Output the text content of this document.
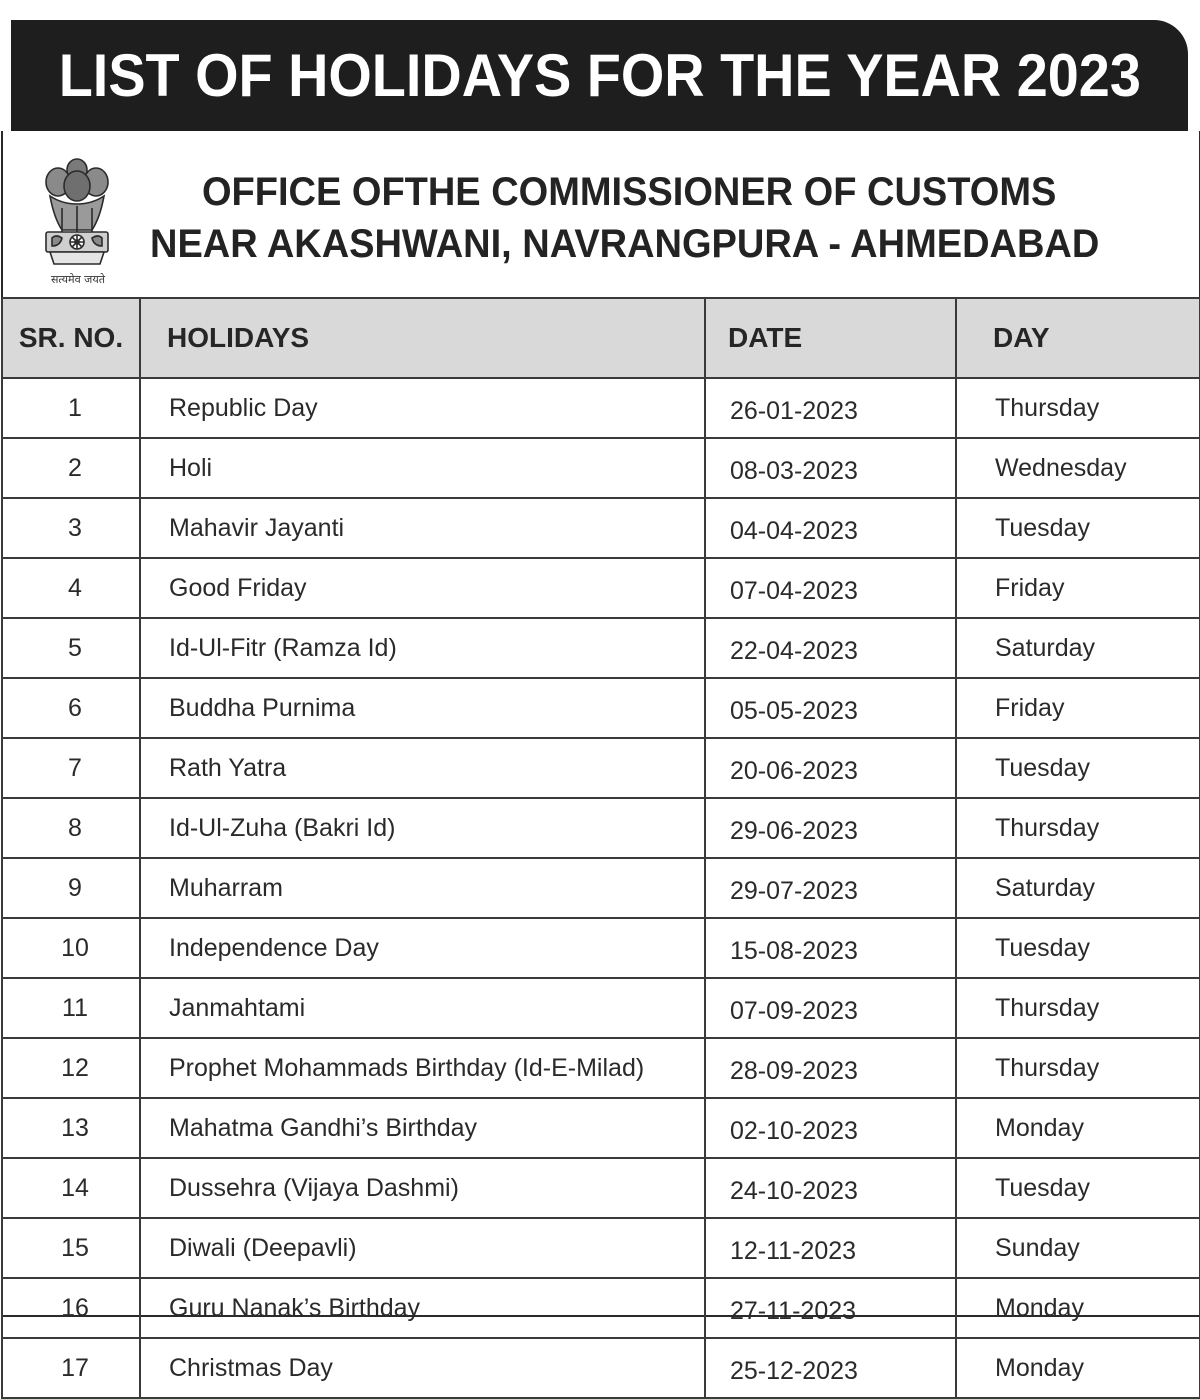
LIST OF HOLIDAYS FOR THE YEAR 2023
सत्यमेव जयते
OFFICE OFTHE COMMISSIONER OF CUSTOMS
NEAR AKASHWANI, NAVRANGPURA - AHMEDABAD
SR. NO.	HOLIDAYS	DATE	DAY
1	Republic Day	26-01-2023	Thursday
2	Holi	08-03-2023	Wednesday
3	Mahavir Jayanti	04-04-2023	Tuesday
4	Good Friday	07-04-2023	Friday
5	Id-Ul-Fitr (Ramza Id)	22-04-2023	Saturday
6	Buddha Purnima	05-05-2023	Friday
7	Rath Yatra	20-06-2023	Tuesday
8	Id-Ul-Zuha (Bakri Id)	29-06-2023	Thursday
9	Muharram	29-07-2023	Saturday
10	Independence Day	15-08-2023	Tuesday
11	Janmahtami	07-09-2023	Thursday
12	Prophet Mohammads Birthday (Id-E-Milad)	28-09-2023	Thursday
13	Mahatma Gandhi’s Birthday	02-10-2023	Monday
14	Dussehra (Vijaya Dashmi)	24-10-2023	Tuesday
15	Diwali (Deepavli)	12-11-2023	Sunday
16	Guru Nanak’s Birthday	27-11-2023	Monday
17	Christmas Day	25-12-2023	Monday
